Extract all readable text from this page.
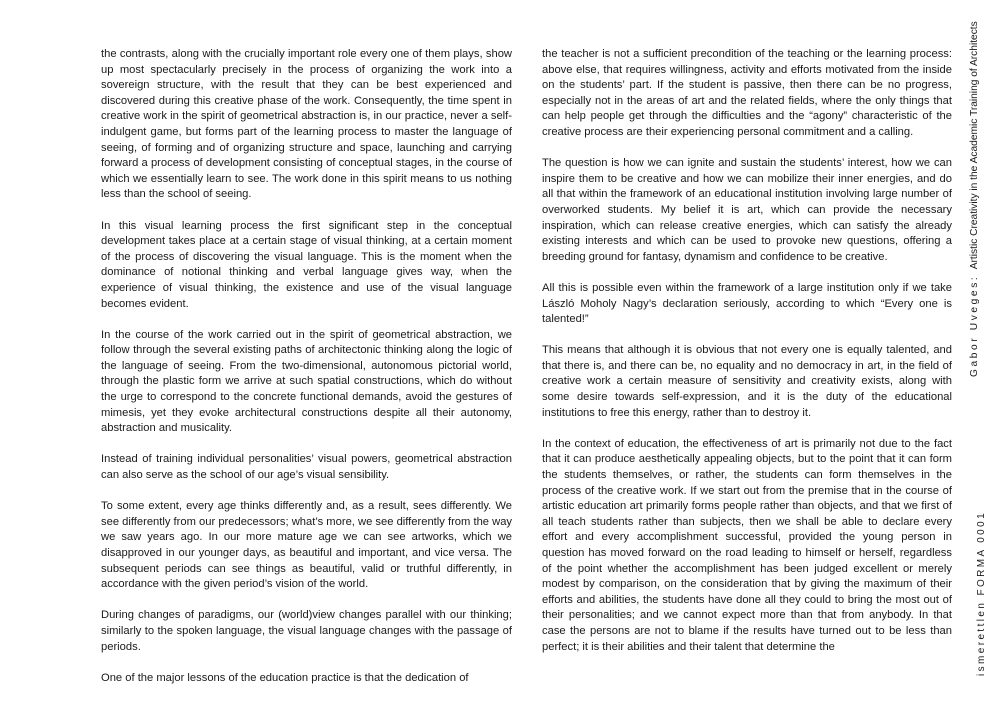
the contrasts, along with the crucially important role every one of them plays, show up most spectacularly precisely in the process of organizing the work into a sovereign structure, with the result that they can be best experienced and discovered during this creative phase of the work. Consequently, the time spent in creative work in the spirit of geometrical abstraction is, in our practice, never a self-indulgent game, but forms part of the learning process to master the language of seeing, of forming and of organizing structure and space, launching and carrying forward a process of development consisting of conceptual stages, in the course of which we essentially learn to see. The work done in this spirit means to us nothing less than the school of seeing.

In this visual learning process the first significant step in the conceptual development takes place at a certain stage of visual thinking, at a certain moment of the process of discovering the visual language. This is the moment when the dominance of notional thinking and verbal language gives way, when the experience of visual thinking, the existence and use of the visual language becomes evident.

In the course of the work carried out in the spirit of geometrical abstraction, we follow through the several existing paths of architectonic thinking along the logic of the language of seeing. From the two-dimensional, autonomous pictorial world, through the plastic form we arrive at such spatial constructions, which do without the urge to correspond to the concrete functional demands, avoid the gestures of mimesis, yet they evoke architectural constructions despite all their autonomy, abstraction and musicality.

Instead of training individual personalities’ visual powers, geometrical abstraction can also serve as the school of our age’s visual sensibility.

To some extent, every age thinks differently and, as a result, sees differently. We see differently from our predecessors; what’s more, we see differently from the way we saw years ago. In our more mature age we can see artworks, which we disapproved in our younger days, as beautiful and important, and vice versa. The subsequent periods can see things as beautiful, valid or truthful differently, in accordance with the given period’s vision of the world.

During changes of paradigms, our (world)view changes parallel with our thinking; similarly to the spoken language, the visual language changes with the passage of periods.

One of the major lessons of the education practice is that the dedication of

the teacher is not a sufficient precondition of the teaching or the learning process: above else, that requires willingness, activity and efforts motivated from the inside on the students’ part. If the student is passive, then there can be no progress, especially not in the areas of art and the related fields, where the only things that can help people get through the difficulties and the “agony” characteristic of the creative process are their experiencing personal commitment and a calling.

The question is how we can ignite and sustain the students’ interest, how we can inspire them to be creative and how we can mobilize their inner energies, and do all that within the framework of an educational institution involving large number of overworked students. My belief it is art, which can provide the necessary inspiration, which can release creative energies, which can satisfy the already existing interests and which can be used to provoke new questions, offering a breeding ground for fantasy, dynamism and confidence to be creative.

All this is possible even within the framework of a large institution only if we take László Moholy Nagy’s declaration seriously, according to which “Every one is talented!”

This means that although it is obvious that not every one is equally talented, and that there is, and there can be, no equality and no democracy in art, in the field of creative work a certain measure of sensitivity and creativity exists, along with some desire towards self-expression, and it is the duty of the educational institutions to free this energy, rather than to destroy it.

In the context of education, the effectiveness of art is primarily not due to the fact that it can produce aesthetically appealing objects, but to the point that it can form the students themselves, or rather, the students can form themselves in the process of the creative work. If we start out from the premise that in the course of artistic education art primarily forms people rather than objects, and that we first of all teach students rather than subjects, then we shall be able to declare every effort and every accomplishment successful, provided the young person in question has moved forward on the road leading to himself or herself, regardless of the point whether the accomplishment has been judged excellent or merely modest by comparison, on the consideration that by giving the maximum of their efforts and abilities, the students have done all they could to bring the most out of their personalities; and we cannot expect more than that from anybody. In that case the persons are not to blame if the results have turned out to be less than perfect; it is their abilities and their talent that determine the

Gabor Uveges:Artistic Creativity in the Academic Training of Architects
ismerettlen FORMA 0001
